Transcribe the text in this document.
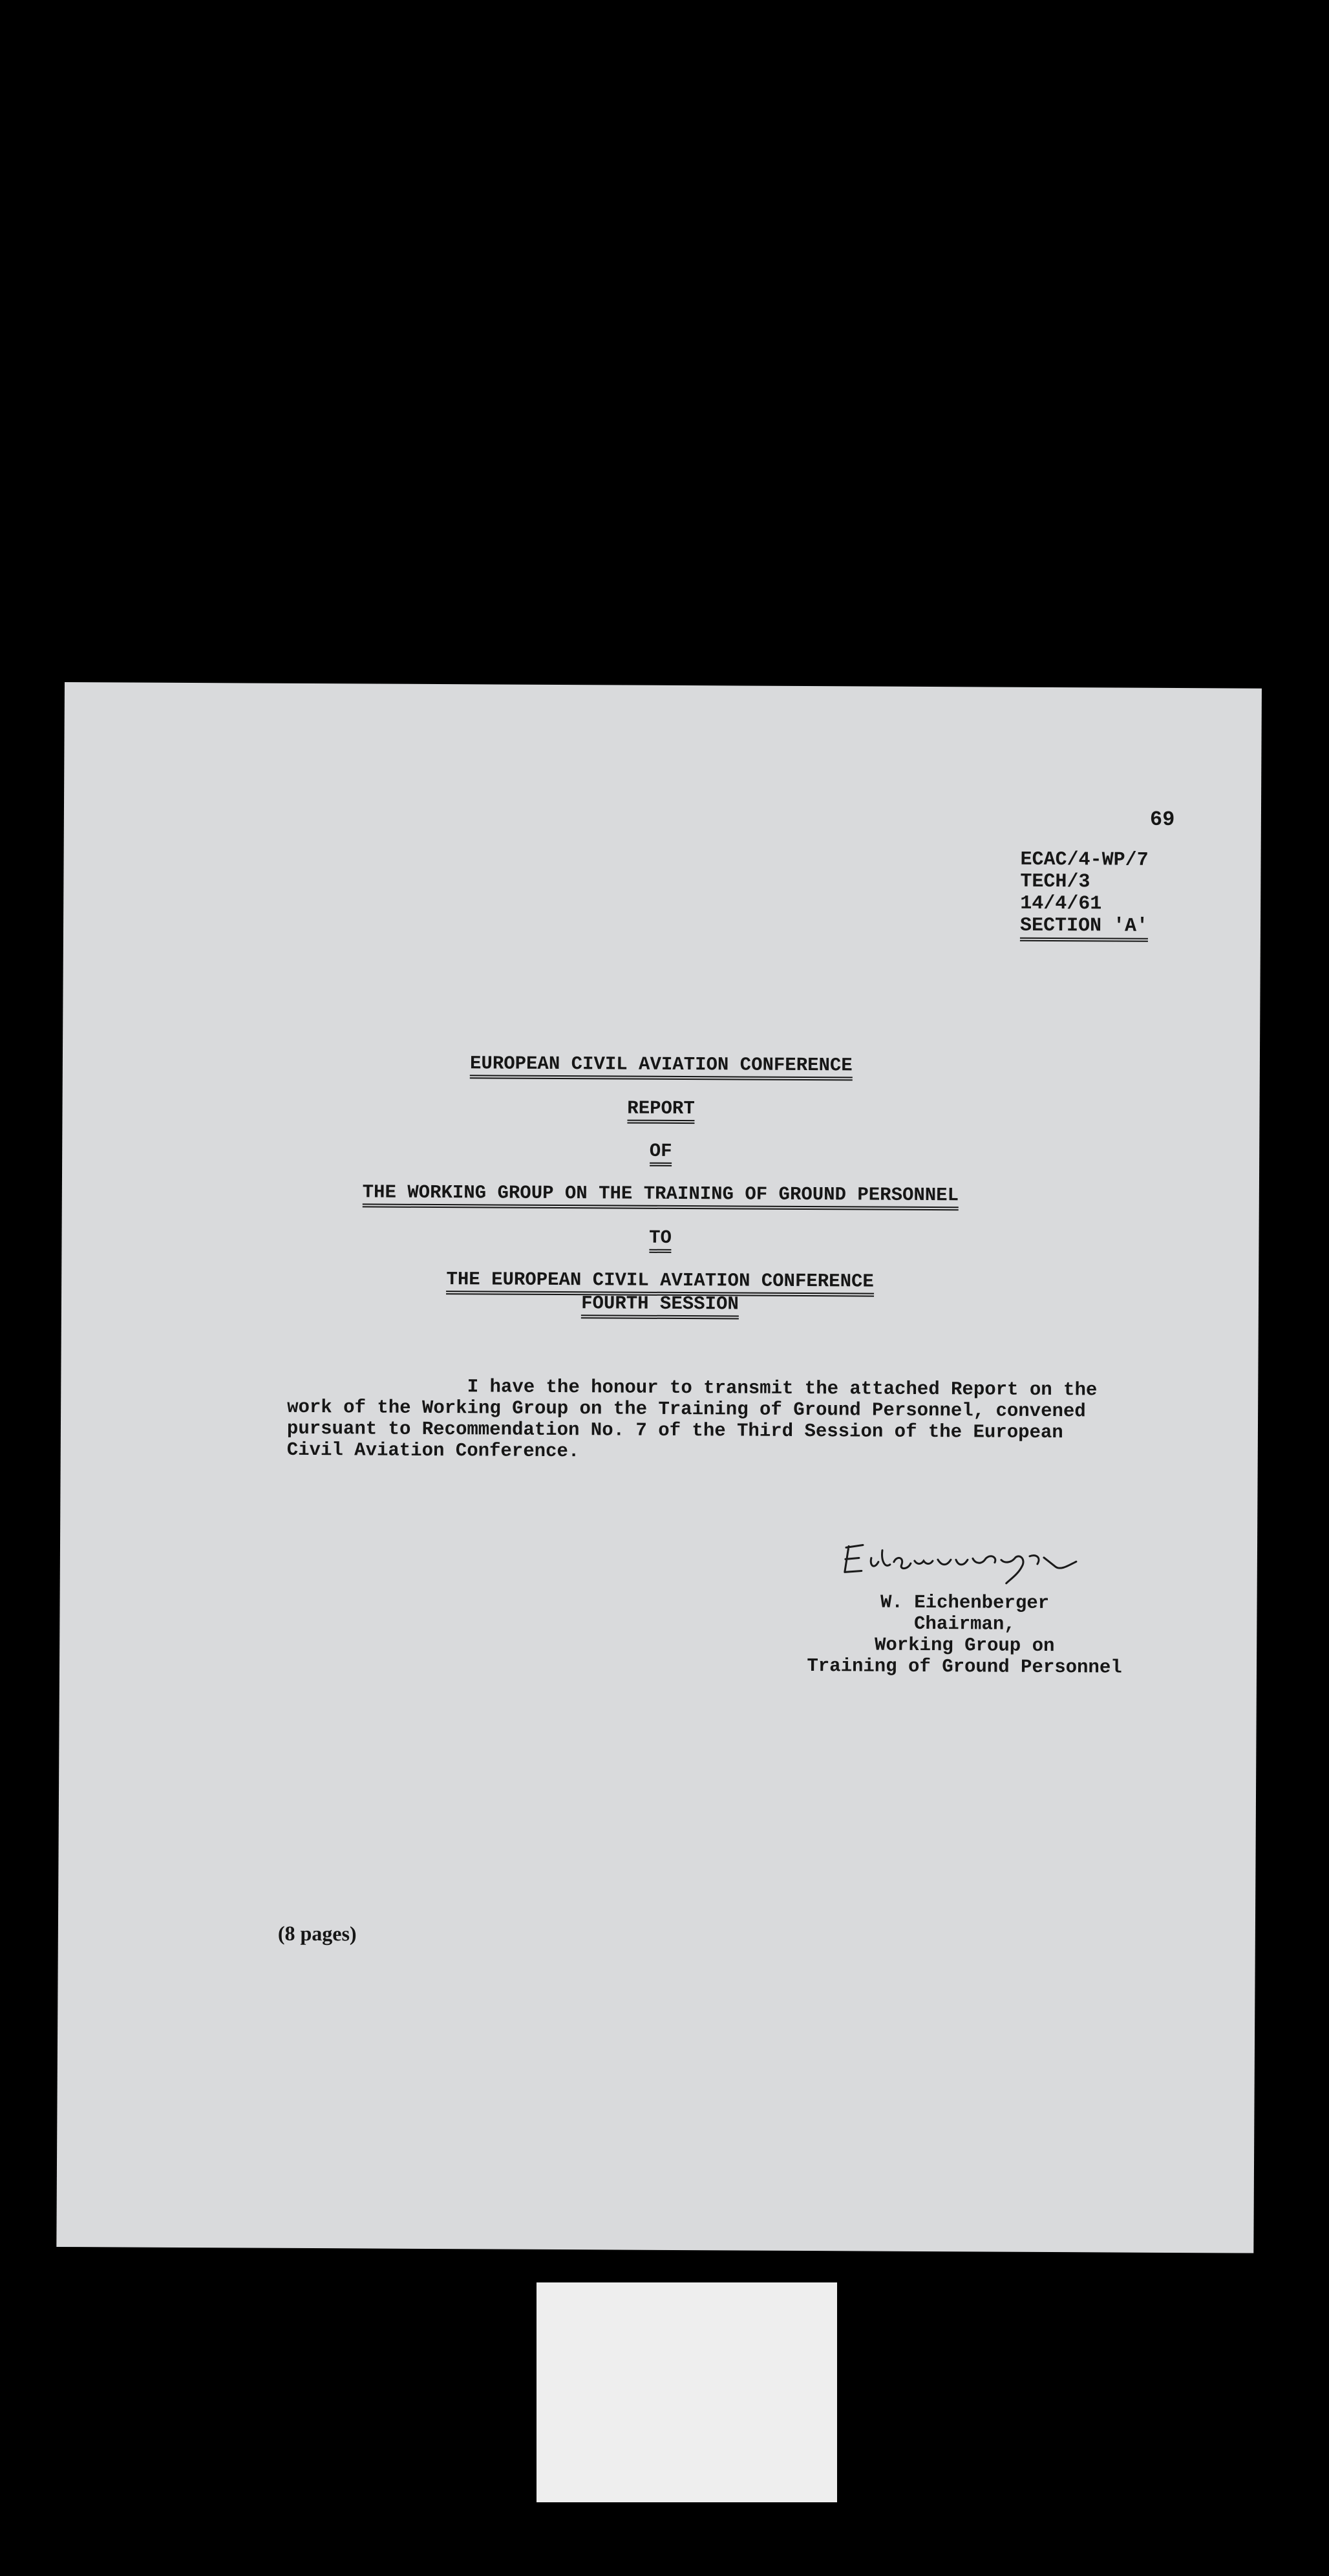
69
ECAC/4-WP/7
TECH/3
14/4/61
SECTION 'A'
EUROPEAN CIVIL AVIATION CONFERENCE
REPORT
OF
THE WORKING GROUP ON THE TRAINING OF GROUND PERSONNEL
TO
THE EUROPEAN CIVIL AVIATION CONFERENCE
FOURTH SESSION
I have the honour to transmit the attached Report on the
work of the Working Group on the Training of Ground Personnel, convened
pursuant to Recommendation No. 7 of the Third Session of the European
Civil Aviation Conference.
W. Eichenberger
Chairman,
Working Group on
Training of Ground Personnel
(8 pages)
